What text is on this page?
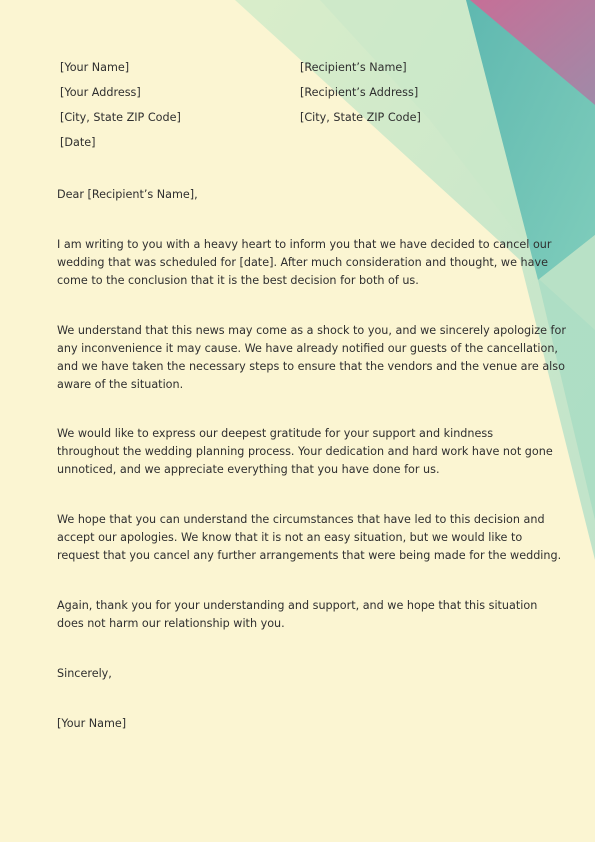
[Your Name]
[Your Address]
[City, State ZIP Code]
[Date]
[Recipient’s Name]
[Recipient’s Address]
[City, State ZIP Code]
Dear [Recipient’s Name],
I am writing to you with a heavy heart to inform you that we have decided to cancel our
wedding that was scheduled for [date]. After much consideration and thought, we have
come to the conclusion that it is the best decision for both of us.
We understand that this news may come as a shock to you, and we sincerely apologize for
any inconvenience it may cause. We have already notified our guests of the cancellation,
and we have taken the necessary steps to ensure that the vendors and the venue are also
aware of the situation.
We would like to express our deepest gratitude for your support and kindness
throughout the wedding planning process. Your dedication and hard work have not gone
unnoticed, and we appreciate everything that you have done for us.
We hope that you can understand the circumstances that have led to this decision and
accept our apologies. We know that it is not an easy situation, but we would like to
request that you cancel any further arrangements that were being made for the wedding.
Again, thank you for your understanding and support, and we hope that this situation
does not harm our relationship with you.
Sincerely,
[Your Name]
